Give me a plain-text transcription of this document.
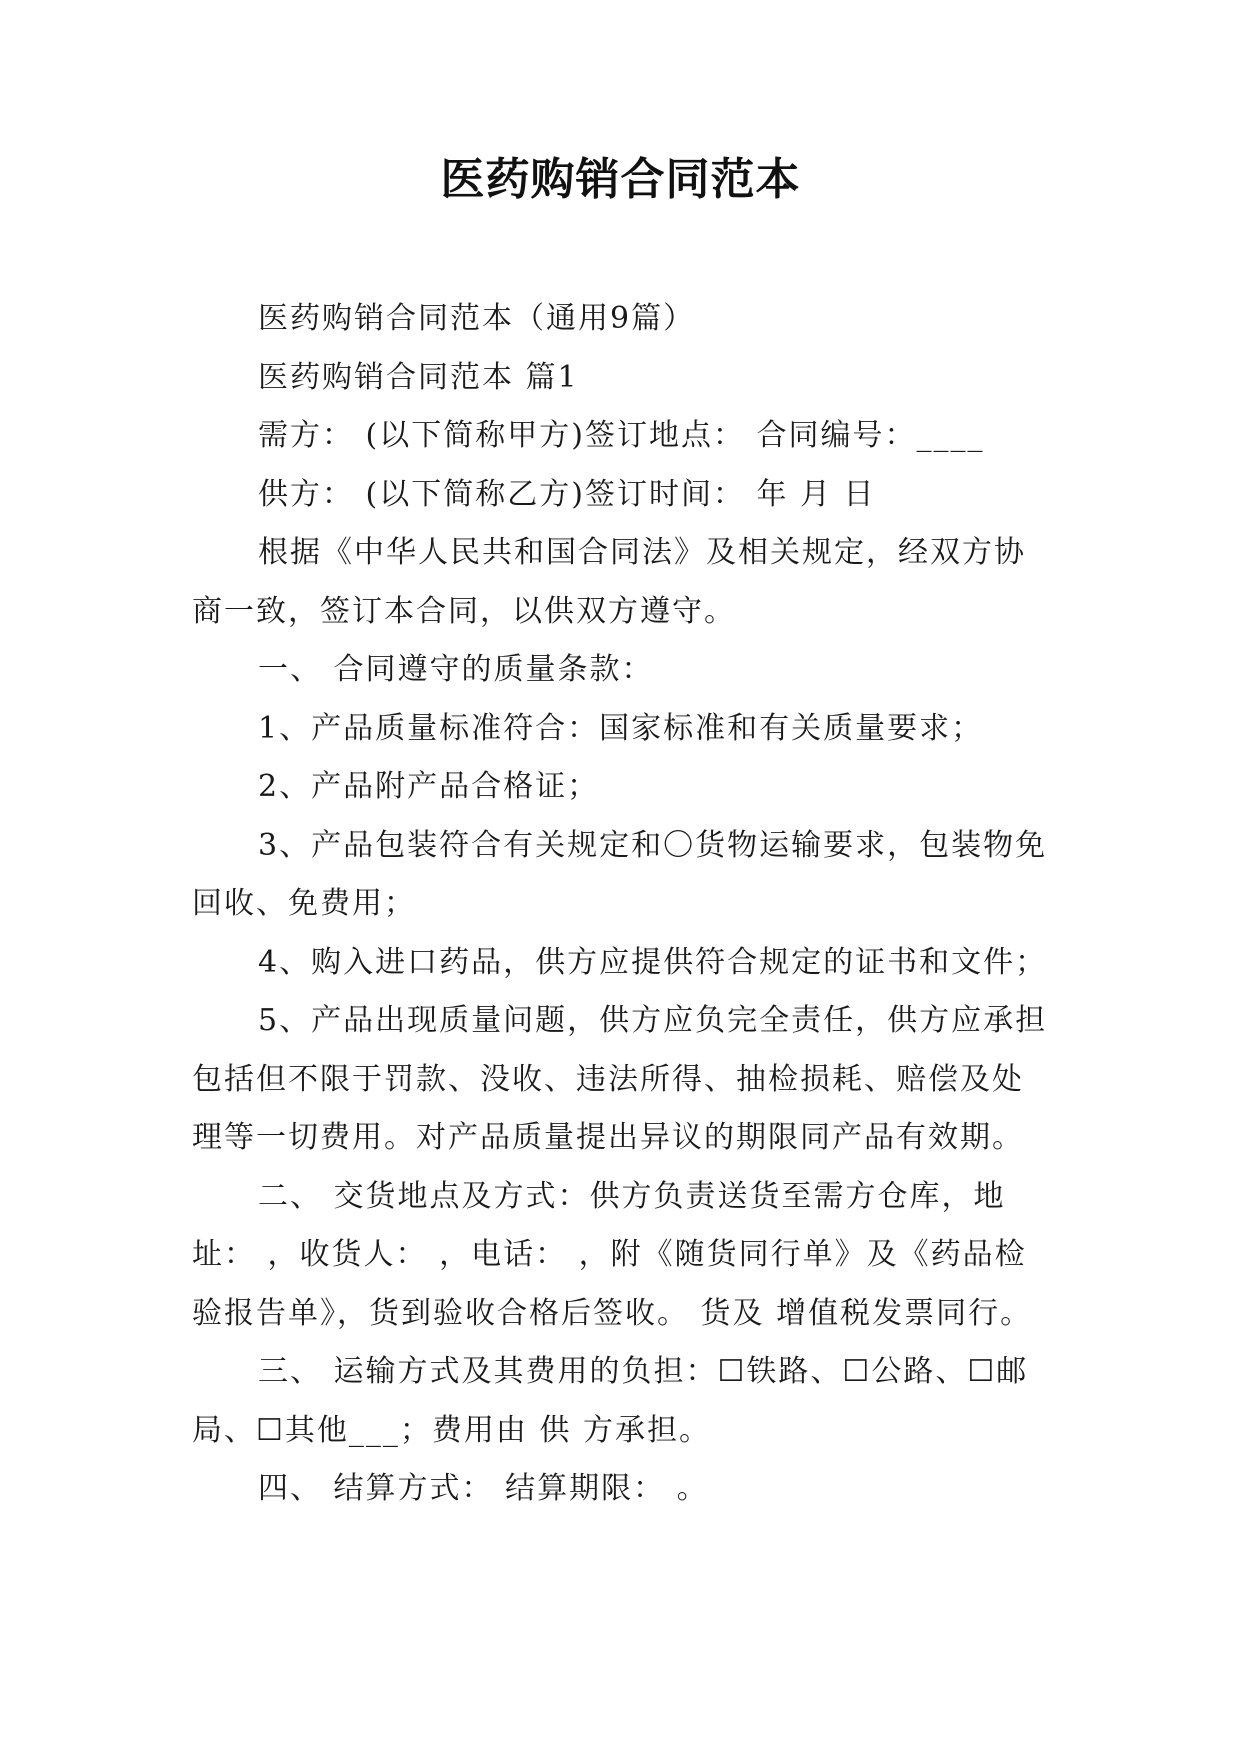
医药购销合同范本

医药购销合同范本（通用9篇）

医药购销合同范本 篇1

需方： (以下简称甲方)签订地点： 合同编号：____

供方： (以下简称乙方)签订时间： 年 月 日

根据《中华人民共和国合同法》及相关规定，经双方协商一致，签订本合同，以供双方遵守。

一、 合同遵守的质量条款：

1、产品质量标准符合：国家标准和有关质量要求；

2、产品附产品合格证；

3、产品包装符合有关规定和〇货物运输要求，包装物免回收、免费用；

4、购入进口药品，供方应提供符合规定的证书和文件；

5、产品出现质量问题，供方应负完全责任，供方应承担包括但不限于罚款、没收、违法所得、抽检损耗、赔偿及处理等一切费用。对产品质量提出异议的期限同产品有效期。

二、 交货地点及方式：供方负责送货至需方仓库，地址： ，收货人： ，电话： ，附《随货同行单》及《药品检验报告单》，货到验收合格后签收。 货及 增值税发票同行。

三、 运输方式及其费用的负担：☐铁路、☐公路、☐邮局、☐其他___；费用由 供 方承担。

四、 结算方式： 结算期限： 。
